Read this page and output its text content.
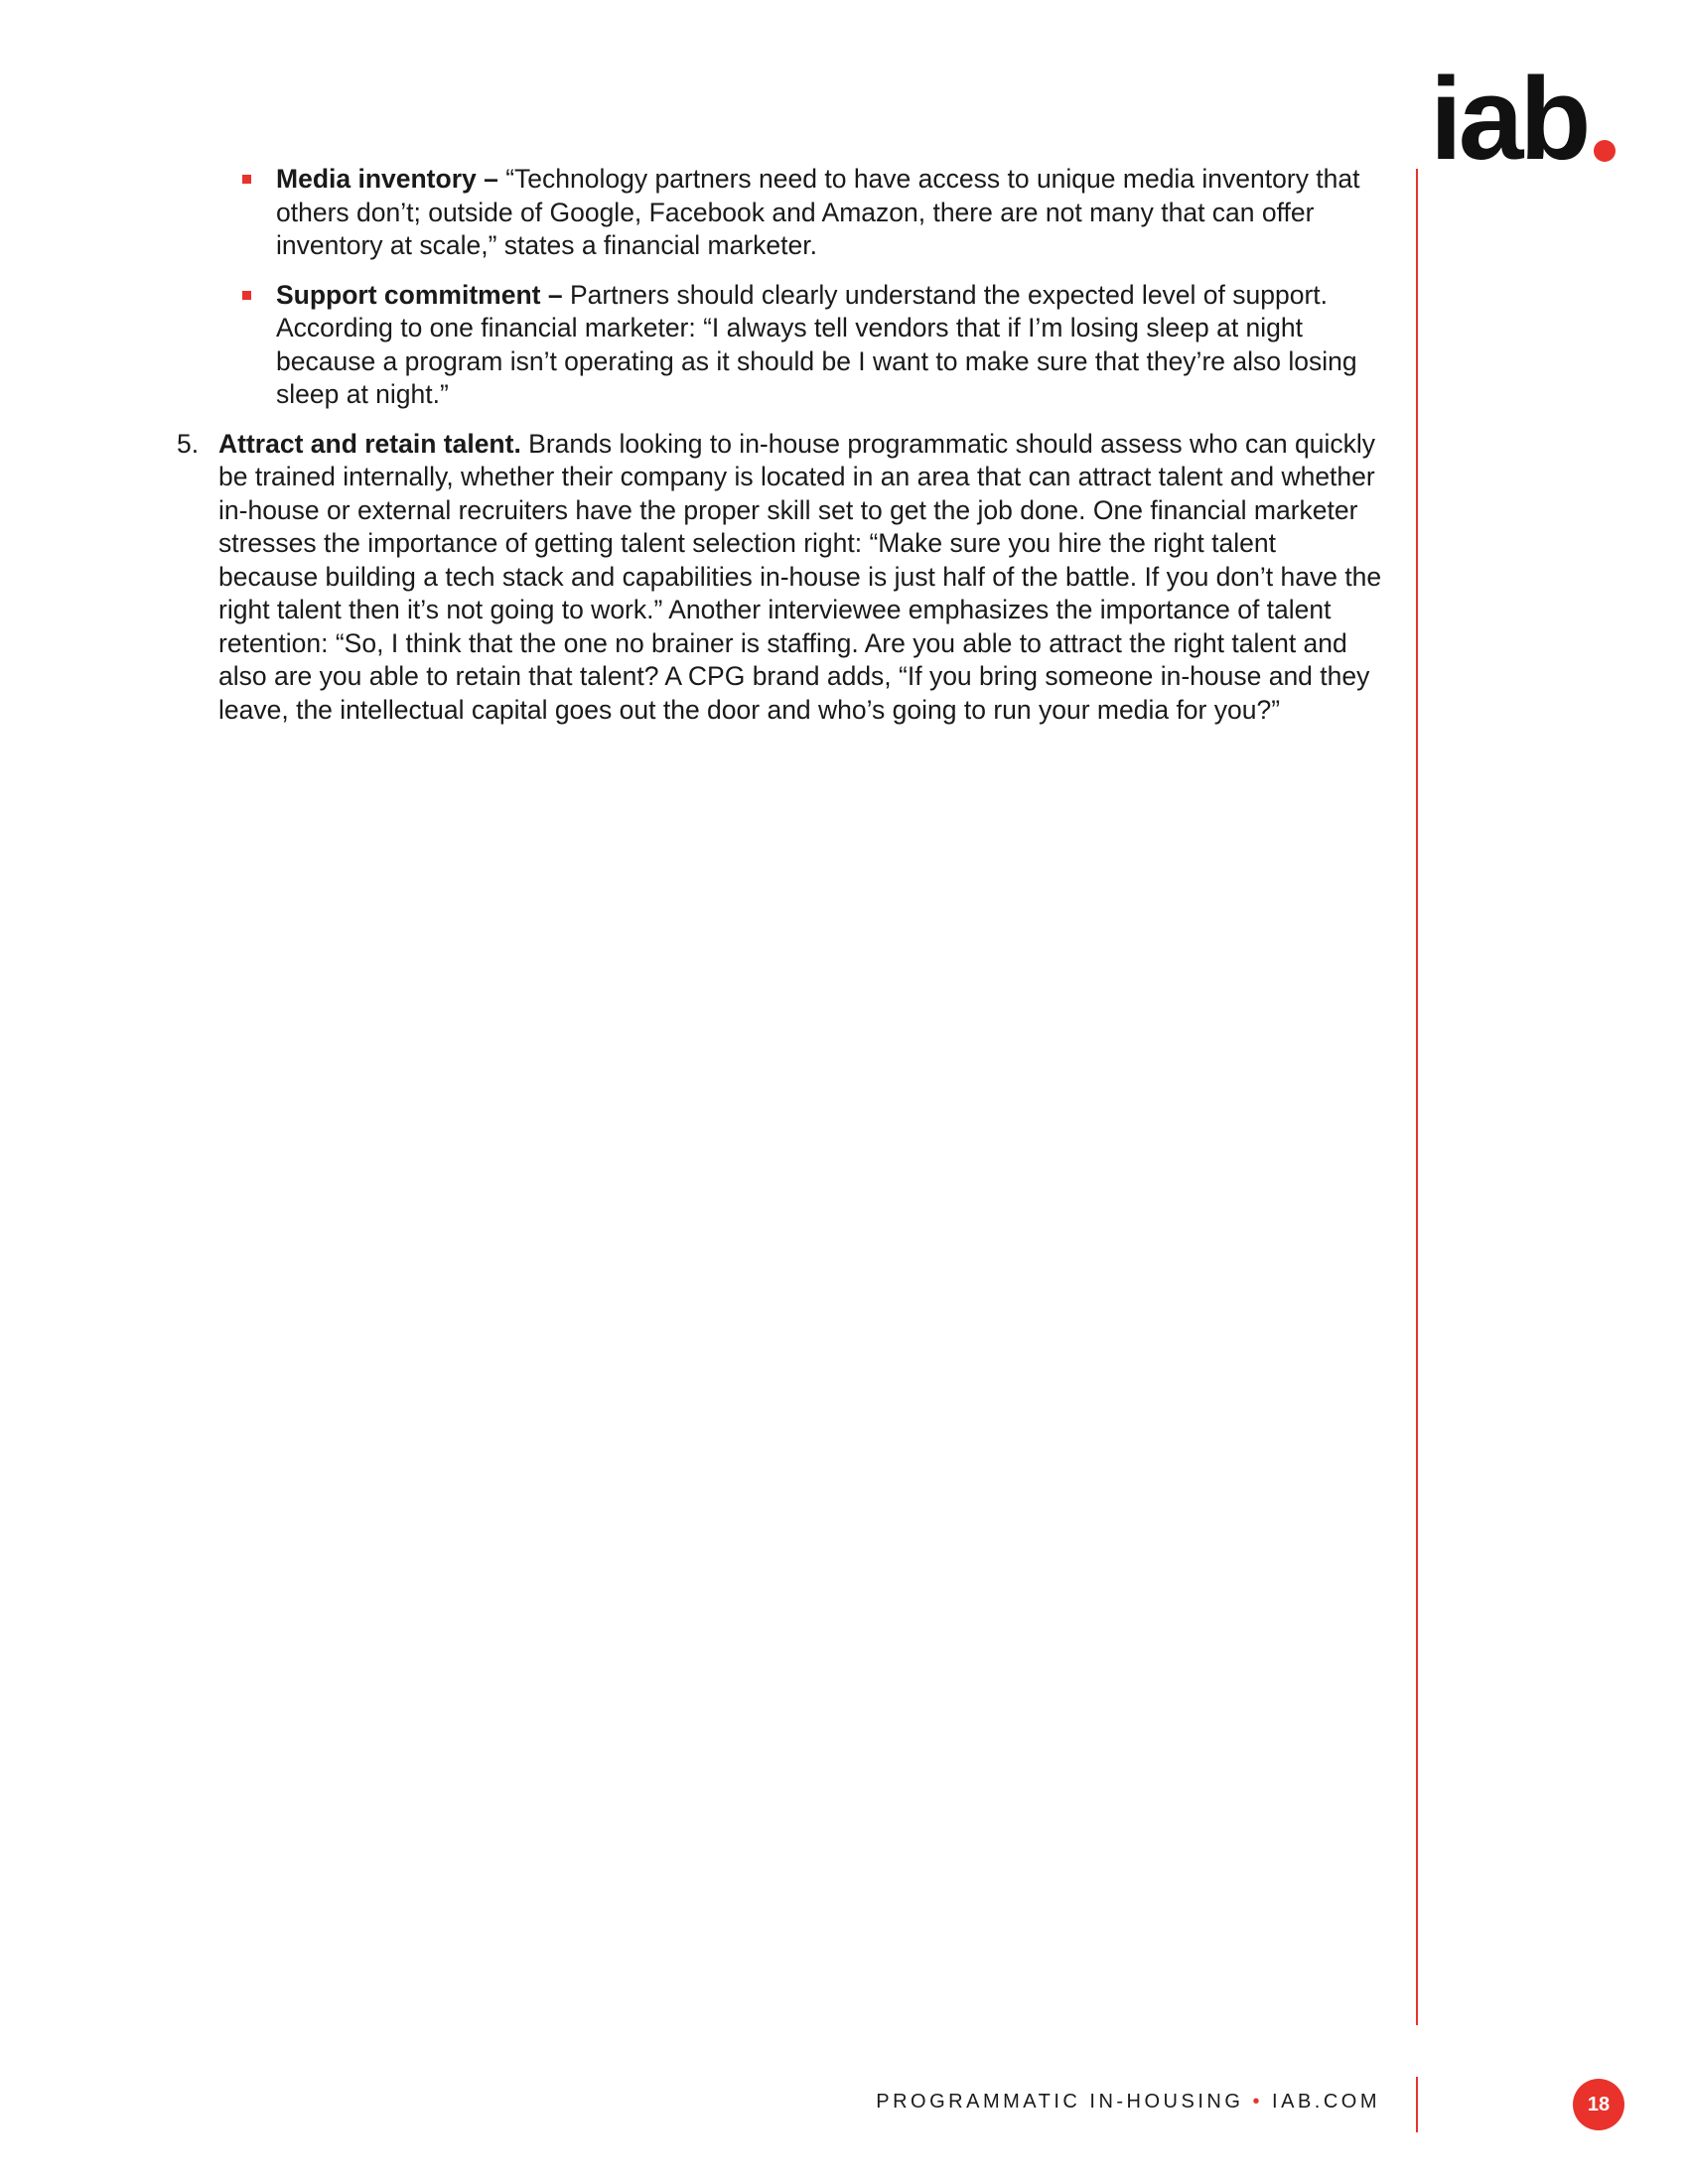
iab
Media inventory – “Technology partners need to have access to unique media inventory that others don’t; outside of Google, Facebook and Amazon, there are not many that can offer inventory at scale,” states a financial marketer.
Support commitment – Partners should clearly understand the expected level of support. According to one financial marketer: “I always tell vendors that if I’m losing sleep at night because a program isn’t operating as it should be I want to make sure that they’re also losing sleep at night.”
5. Attract and retain talent. Brands looking to in-house programmatic should assess who can quickly be trained internally, whether their company is located in an area that can attract talent and whether in-house or external recruiters have the proper skill set to get the job done. One financial marketer stresses the importance of getting talent selection right: “Make sure you hire the right talent because building a tech stack and capabilities in-house is just half of the battle. If you don’t have the right talent then it’s not going to work.” Another interviewee emphasizes the importance of talent retention: “So, I think that the one no brainer is staffing. Are you able to attract the right talent and also are you able to retain that talent? A CPG brand adds, “If you bring someone in-house and they leave, the intellectual capital goes out the door and who’s going to run your media for you?”
PROGRAMMATIC IN-HOUSING • IAB.COM	18
